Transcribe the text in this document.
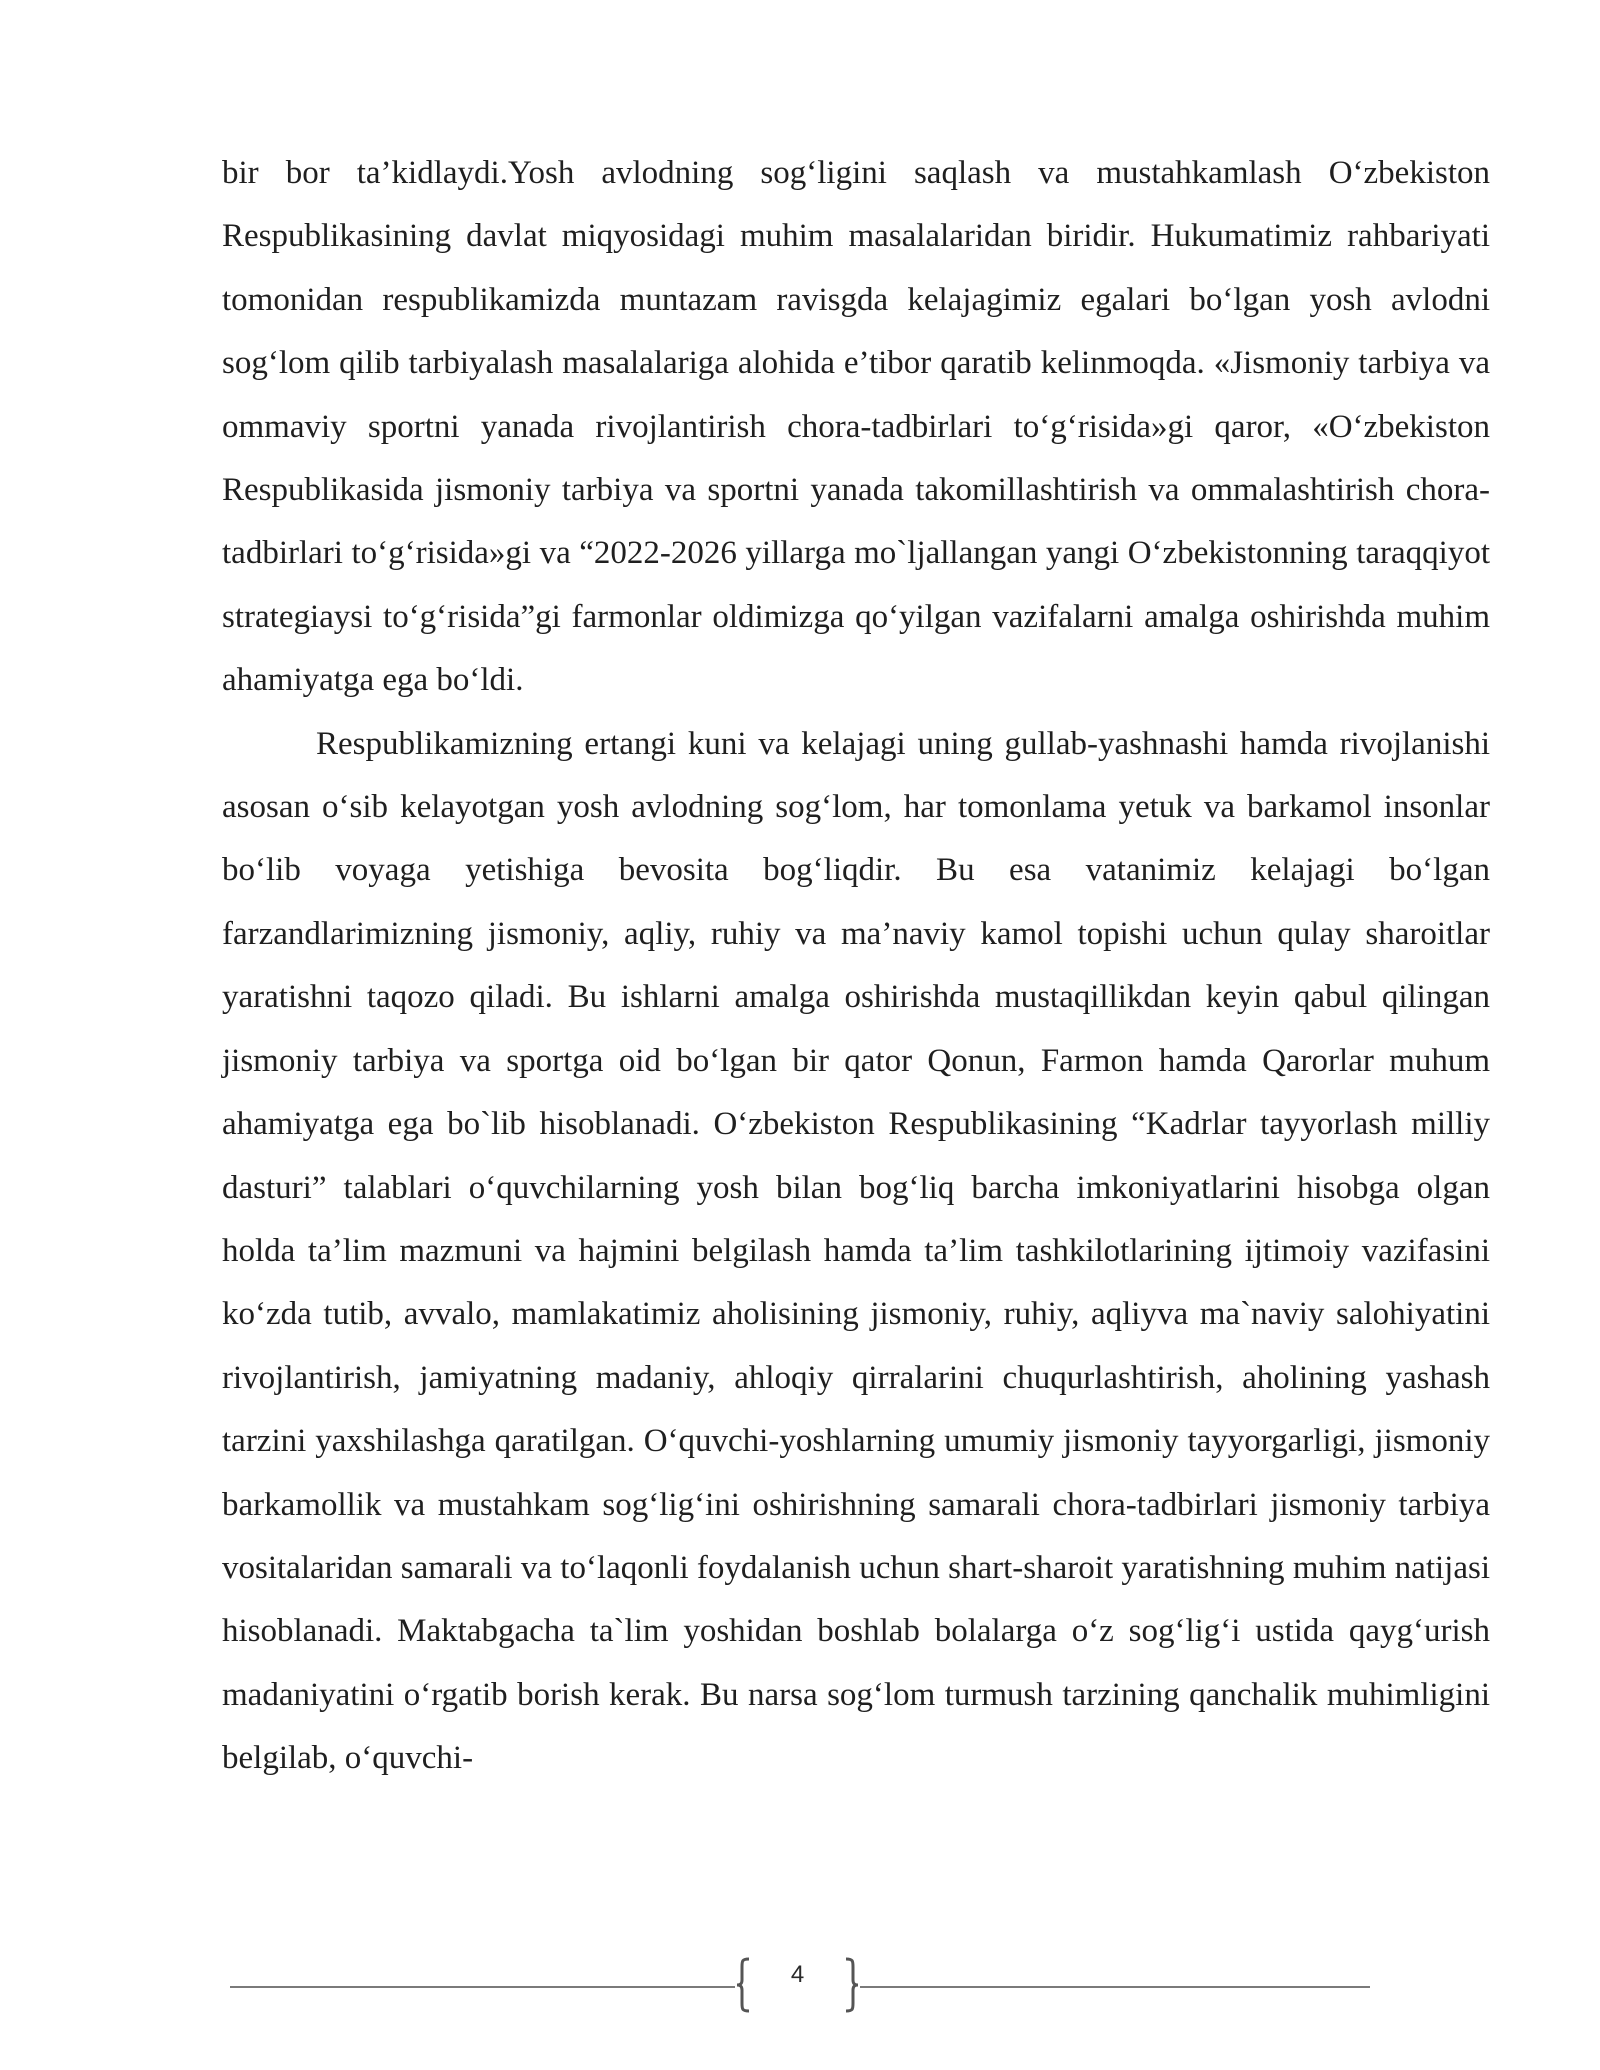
bir bor ta’kidlaydi.Yosh avlodning sog‘ligini saqlash va mustahkamlash O‘zbekiston Respublikasining davlat miqyosidagi muhim masalalaridan biridir. Hukumatimiz rahbariyati tomonidan respublikamizda muntazam ravisgda kelajagimiz egalari bo‘lgan yosh avlodni sog‘lom qilib tarbiyalash masalalariga alohida e’tibor qaratib kelinmoqda. «Jismoniy tarbiya va ommaviy sportni yanada rivojlantirish chora-tadbirlari to‘g‘risida»gi qaror, «O‘zbekiston Respublikasida jismoniy tarbiya va sportni yanada takomillashtirish va ommalashtirish chora-tadbirlari to‘g‘risida»gi va “2022-2026 yillarga mo`ljallangan yangi O‘zbekistonning taraqqiyot strategiaysi to‘g‘risida”gi farmonlar oldimizga qo‘yilgan vazifalarni amalga oshirishda muhim ahamiyatga ega bo‘ldi.

Respublikamizning ertangi kuni va kelajagi uning gullab-yashnashi hamda rivojlanishi asosan o‘sib kelayotgan yosh avlodning sog‘lom, har tomonlama yetuk va barkamol insonlar bo‘lib voyaga yetishiga bevosita bog‘liqdir. Bu esa vatanimiz kelajagi bo‘lgan farzandlarimizning jismoniy, aqliy, ruhiy va ma’naviy kamol topishi uchun qulay sharoitlar yaratishni taqozo qiladi. Bu ishlarni amalga oshirishda mustaqillikdan keyin qabul qilingan jismoniy tarbiya va sportga oid bo‘lgan bir qator Qonun, Farmon hamda Qarorlar muhum ahamiyatga ega bo`lib hisoblanadi. O‘zbekiston Respublikasining “Kadrlar tayyorlash milliy dasturi” talablari o‘quvchilarning yosh bilan bog‘liq barcha imkoniyatlarini hisobga olgan holda ta’lim mazmuni va hajmini belgilash hamda ta’lim tashkilotlarining ijtimoiy vazifasini ko‘zda tutib, avvalo, mamlakatimiz aholisining jismoniy, ruhiy, aqliyva ma`naviy salohiyatini rivojlantirish, jamiyatning madaniy, ahloqiy qirralarini chuqurlashtirish, aholining yashash tarzini yaxshilashga qaratilgan. O‘quvchi-yoshlarning umumiy jismoniy tayyorgarligi, jismoniy barkamollik va mustahkam sog‘lig‘ini oshirishning samarali chora-tadbirlari jismoniy tarbiya vositalaridan samarali va to‘laqonli foydalanish uchun shart-sharoit yaratishning muhim natijasi hisoblanadi. Maktabgacha ta`lim yoshidan boshlab bolalarga o‘z sog‘lig‘i ustida qayg‘urish madaniyatini o‘rgatib borish kerak. Bu narsa sog‘lom turmush tarzining qanchalik muhimligini belgilab, o‘quvchi-

4
